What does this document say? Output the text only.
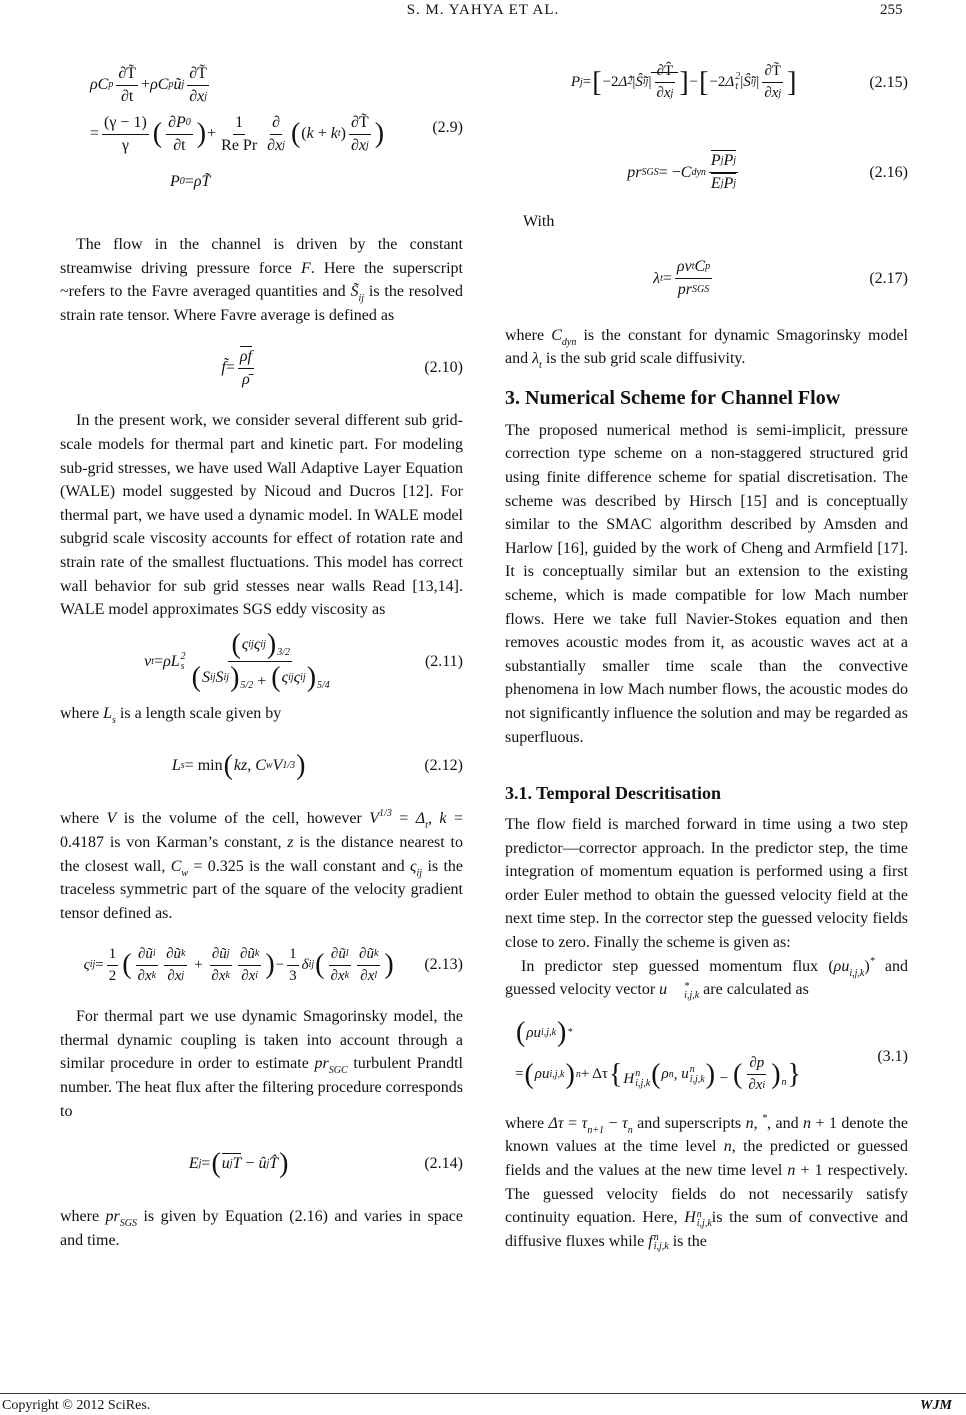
S. M. YAHYA ET AL.	255
ρC p $\frac{\partial T̃}{\partial t} + \rho C$ p ũ j $\frac{\partial T̃}{\text{∂x j}}$
= $\frac{(\gamma - 1)}{\gamma}$ ( $\frac{\partial P 0}{\partial t}$ ) + $\frac{1}{\text{Re Pr}} \frac{\partial}{\text{∂x j}}$ ( ( k + k t ) $\frac{\partial T̃}{\text{∂x j}}$ )
P 0 = ρT̃
(2.9)
The flow in the channel is driven by the constant streamwise driving pressure force F. Here the superscript ~refers to the Favre averaged quantities and $S̃_{ij}$ is the resolved strain rate tensor. Where Favre average is defined as
f̃ = $\frac{\rho f}{\rhō}$	(2.10)
In the present work, we consider several different sub grid-scale models for thermal part and kinetic part. For modeling sub-grid stresses, we have used Wall Adaptive Layer Equation (WALE) model suggested by Nicoud and Ducros [12]. For thermal part, we have used a dynamic model. In WALE model subgrid scale viscosity accounts for effect of rotation rate and strain rate of the smallest fluctuations. This model has correct wall behavior for sub grid stesses near walls Read [13,14]. WALE model approximates SGS eddy viscosity as
ν t = ρL 2
s $\frac{\text{( ς ij ς ij ) 3/2}}{\text{( S ij S ij ) 5/2 + ( ς ij ς ij ) 5/4}}$	(2.11)
where $L_s$ is a length scale given by
L s = min ( kz , C w V 1/3 )	(2.12)
where V is the volume of the cell, however $V^{1/3} = \Delta_t$, k = 0.4187 is von Karman’s constant, z is the distance nearest to the closest wall, $C_w = 0.325$ is the wall constant and $\varsigma_{ij}$ is the traceless symmetric part of the square of the velocity gradient tensor defined as.
ς ij = $\frac{1}{2}$ ( $\frac{\text{∂ũ i}}{\text{∂x k}} \frac{\text{∂ũ k}}{\text{∂x j}} + \frac{\text{∂ũ j}}{\text{∂x k}} \frac{\text{∂ũ k}}{\text{∂x i}}$ ) − $\frac{1}{3}$ δ ij ( $\frac{\text{∂ũ l}}{\text{∂x k}} \frac{\text{∂ũ k}}{\text{∂x l}}$ ) (2.13)
For thermal part we use dynamic Smagorinsky model, the thermal dynamic coupling is taken into account through a similar procedure in order to estimate $pr_{SGC}$ turbulent Prandtl number. The heat flux after the filtering procedure corresponds to
E j = ( u j T − û j T̂ )	(2.14)
where $pr_{SGS}$ is given by Equation (2.16) and varies in space and time.
P j = [ −2 Δ̂ 2 | Ŝ̃ ij | $\frac{\partial T̂}{\text{∂x j}}$ ] − [ −2 Δ 2
t | Ŝ̃ ij | $\frac{\partial T̃}{\text{∂x j}}$ ]	(2.15)
pr SGS = − C dyn $\frac{\text{P j P j}}{\text{E j P j}}$	(2.16)
With
λ $t = \frac{\text{ρν t C p}}{\text{pr SGS}}$	(2.17)
where $C_{dyn}$ is the constant for dynamic Smagorinsky model and $\lambda_t$ is the sub grid scale diffusivity.
3. Numerical Scheme for Channel Flow
The proposed numerical method is semi-implicit, pressure correction type scheme on a non-staggered structured grid using finite difference scheme for spatial discretisation. The scheme was described by Hirsch [15] and is conceptually similar to the SMAC algorithm described by Amsden and Harlow [16], guided by the work of Cheng and Armfield [17]. It is conceptually similar but an extension to the existing scheme, which is made compatible for low Mach number flows. Here we take full Navier-Stokes equation and then removes acoustic modes from it, as acoustic waves act at a substantially smaller time scale than the convective phenomena in low Mach number flows, the acoustic modes do not significantly influence the solution and may be regarded as superfluous.
3.1. Temporal Descritisation
The flow field is marched forward in time using a two step predictor—corrector approach. In the predictor step, the time integration of momentum equation is performed using a first order Euler method to obtain the guessed velocity field at the next time step. In the corrector step the guessed velocity fields close to zero. Finally the scheme is given as:
In predictor step guessed momentum flux $(\rho u_{i,j,k})^*$ and guessed velocity vector u	*
i,j,k are calculated as
( ρu i,j,k ) *
= ( ρu i,j,k ) n + Δτ { H n
i,j,k ( ρ n , u n
i,j,k ) − ( $\frac{\partial p}{\text{∂x i}}$ ) n }
(3.1)
where $\Delta\tau = \tau_{n+1} - \tau_n$ and superscripts n, *, and n + 1 denote the known values at the time level n, the predicted or guessed fields and the values at the new time level n + 1 respectively. The guessed velocity fields do not necessarily satisfy continuity equation. Here, H n
i,j,k is the sum of convective and diffusive fluxes while f n
i,j,k is the
Copyright © 2012 SciRes.	WJM
